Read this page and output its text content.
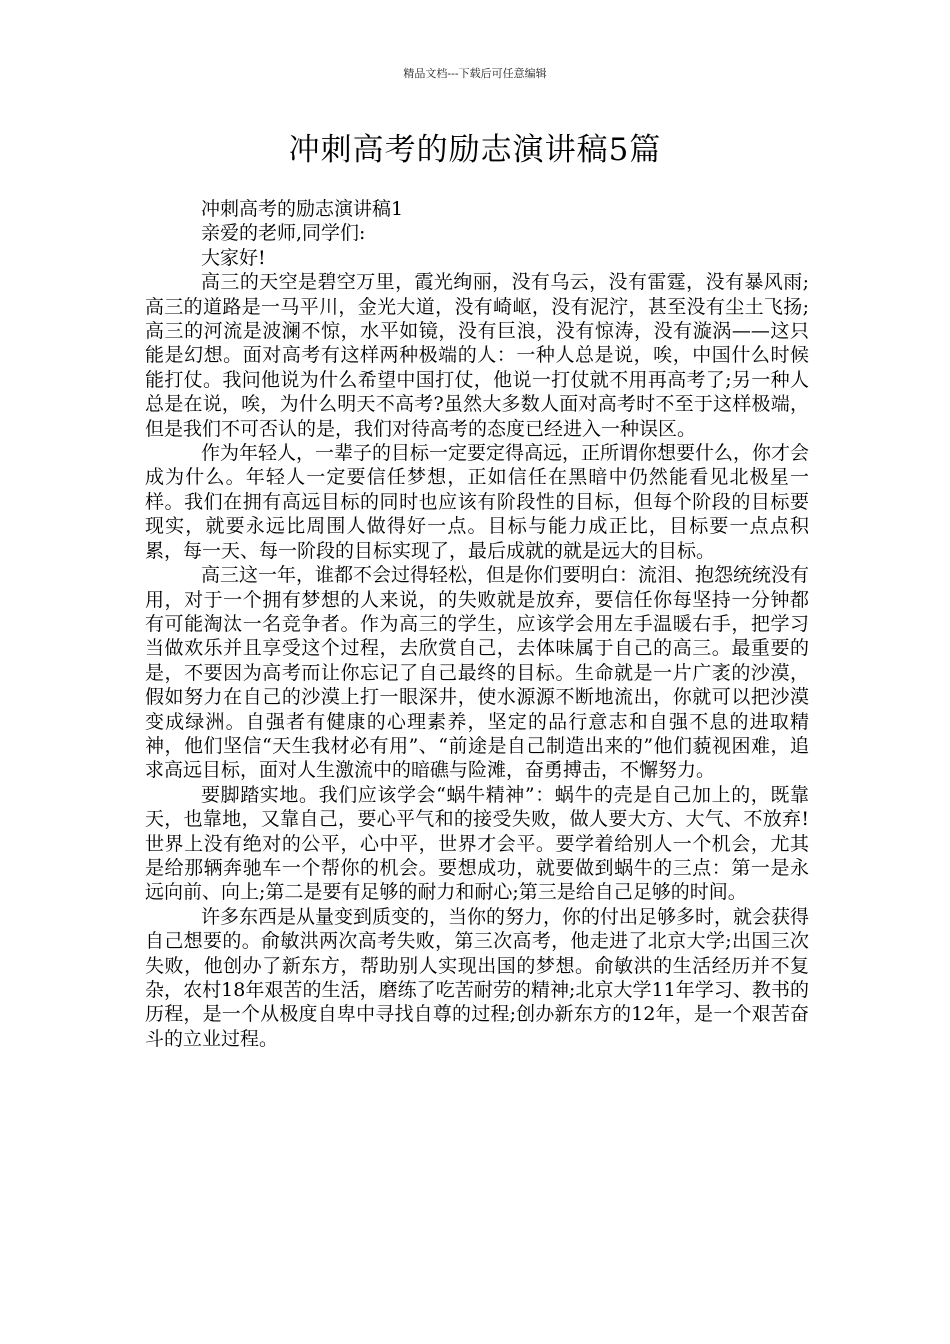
精品文档---下载后可任意编辑
冲刺高考的励志演讲稿5篇

冲刺高考的励志演讲稿1

亲爱的老师,同学们:

大家好!

高三的天空是碧空万里，霞光绚丽，没有乌云，没有雷霆，没有暴风雨;高三的道路是一马平川，金光大道，没有崎岖，没有泥泞，甚至没有尘土飞扬;高三的河流是波澜不惊，水平如镜，没有巨浪，没有惊涛，没有漩涡——这只能是幻想。面对高考有这样两种极端的人：一种人总是说，唉，中国什么时候能打仗。我问他说为什么希望中国打仗，他说一打仗就不用再高考了;另一种人总是在说，唉，为什么明天不高考?虽然大多数人面对高考时不至于这样极端，但是我们不可否认的是，我们对待高考的态度已经进入一种误区。

作为年轻人，一辈子的目标一定要定得高远，正所谓你想要什么，你才会成为什么。年轻人一定要信任梦想，正如信任在黑暗中仍然能看见北极星一样。我们在拥有高远目标的同时也应该有阶段性的目标，但每个阶段的目标要现实，就要永远比周围人做得好一点。目标与能力成正比，目标要一点点积累，每一天、每一阶段的目标实现了，最后成就的就是远大的目标。

高三这一年，谁都不会过得轻松，但是你们要明白：流泪、抱怨统统没有用，对于一个拥有梦想的人来说，的失败就是放弃，要信任你每坚持一分钟都有可能淘汰一名竞争者。作为高三的学生，应该学会用左手温暖右手，把学习当做欢乐并且享受这个过程，去欣赏自己，去体味属于自己的高三。最重要的是，不要因为高考而让你忘记了自己最终的目标。生命就是一片广袤的沙漠，假如努力在自己的沙漠上打一眼深井，使水源源不断地流出，你就可以把沙漠变成绿洲。自强者有健康的心理素养，坚定的品行意志和自强不息的进取精神，他们坚信“天生我材必有用”、“前途是自己制造出来的”他们藐视困难，追求高远目标，面对人生激流中的暗礁与险滩，奋勇搏击，不懈努力。

要脚踏实地。我们应该学会“蜗牛精神”：蜗牛的壳是自己加上的，既靠天，也靠地，又靠自己，要心平气和的接受失败，做人要大方、大气、不放弃!世界上没有绝对的公平，心中平，世界才会平。要学着给别人一个机会，尤其是给那辆奔驰车一个帮你的机会。要想成功，就要做到蜗牛的三点：第一是永远向前、向上;第二是要有足够的耐力和耐心;第三是给自己足够的时间。

许多东西是从量变到质变的，当你的努力，你的付出足够多时，就会获得自己想要的。俞敏洪两次高考失败，第三次高考，他走进了北京大学;出国三次失败，他创办了新东方，帮助别人实现出国的梦想。俞敏洪的生活经历并不复杂，农村18年艰苦的生活，磨练了吃苦耐劳的精神;北京大学11年学习、教书的历程，是一个从极度自卑中寻找自尊的过程;创办新东方的12年，是一个艰苦奋斗的立业过程。
